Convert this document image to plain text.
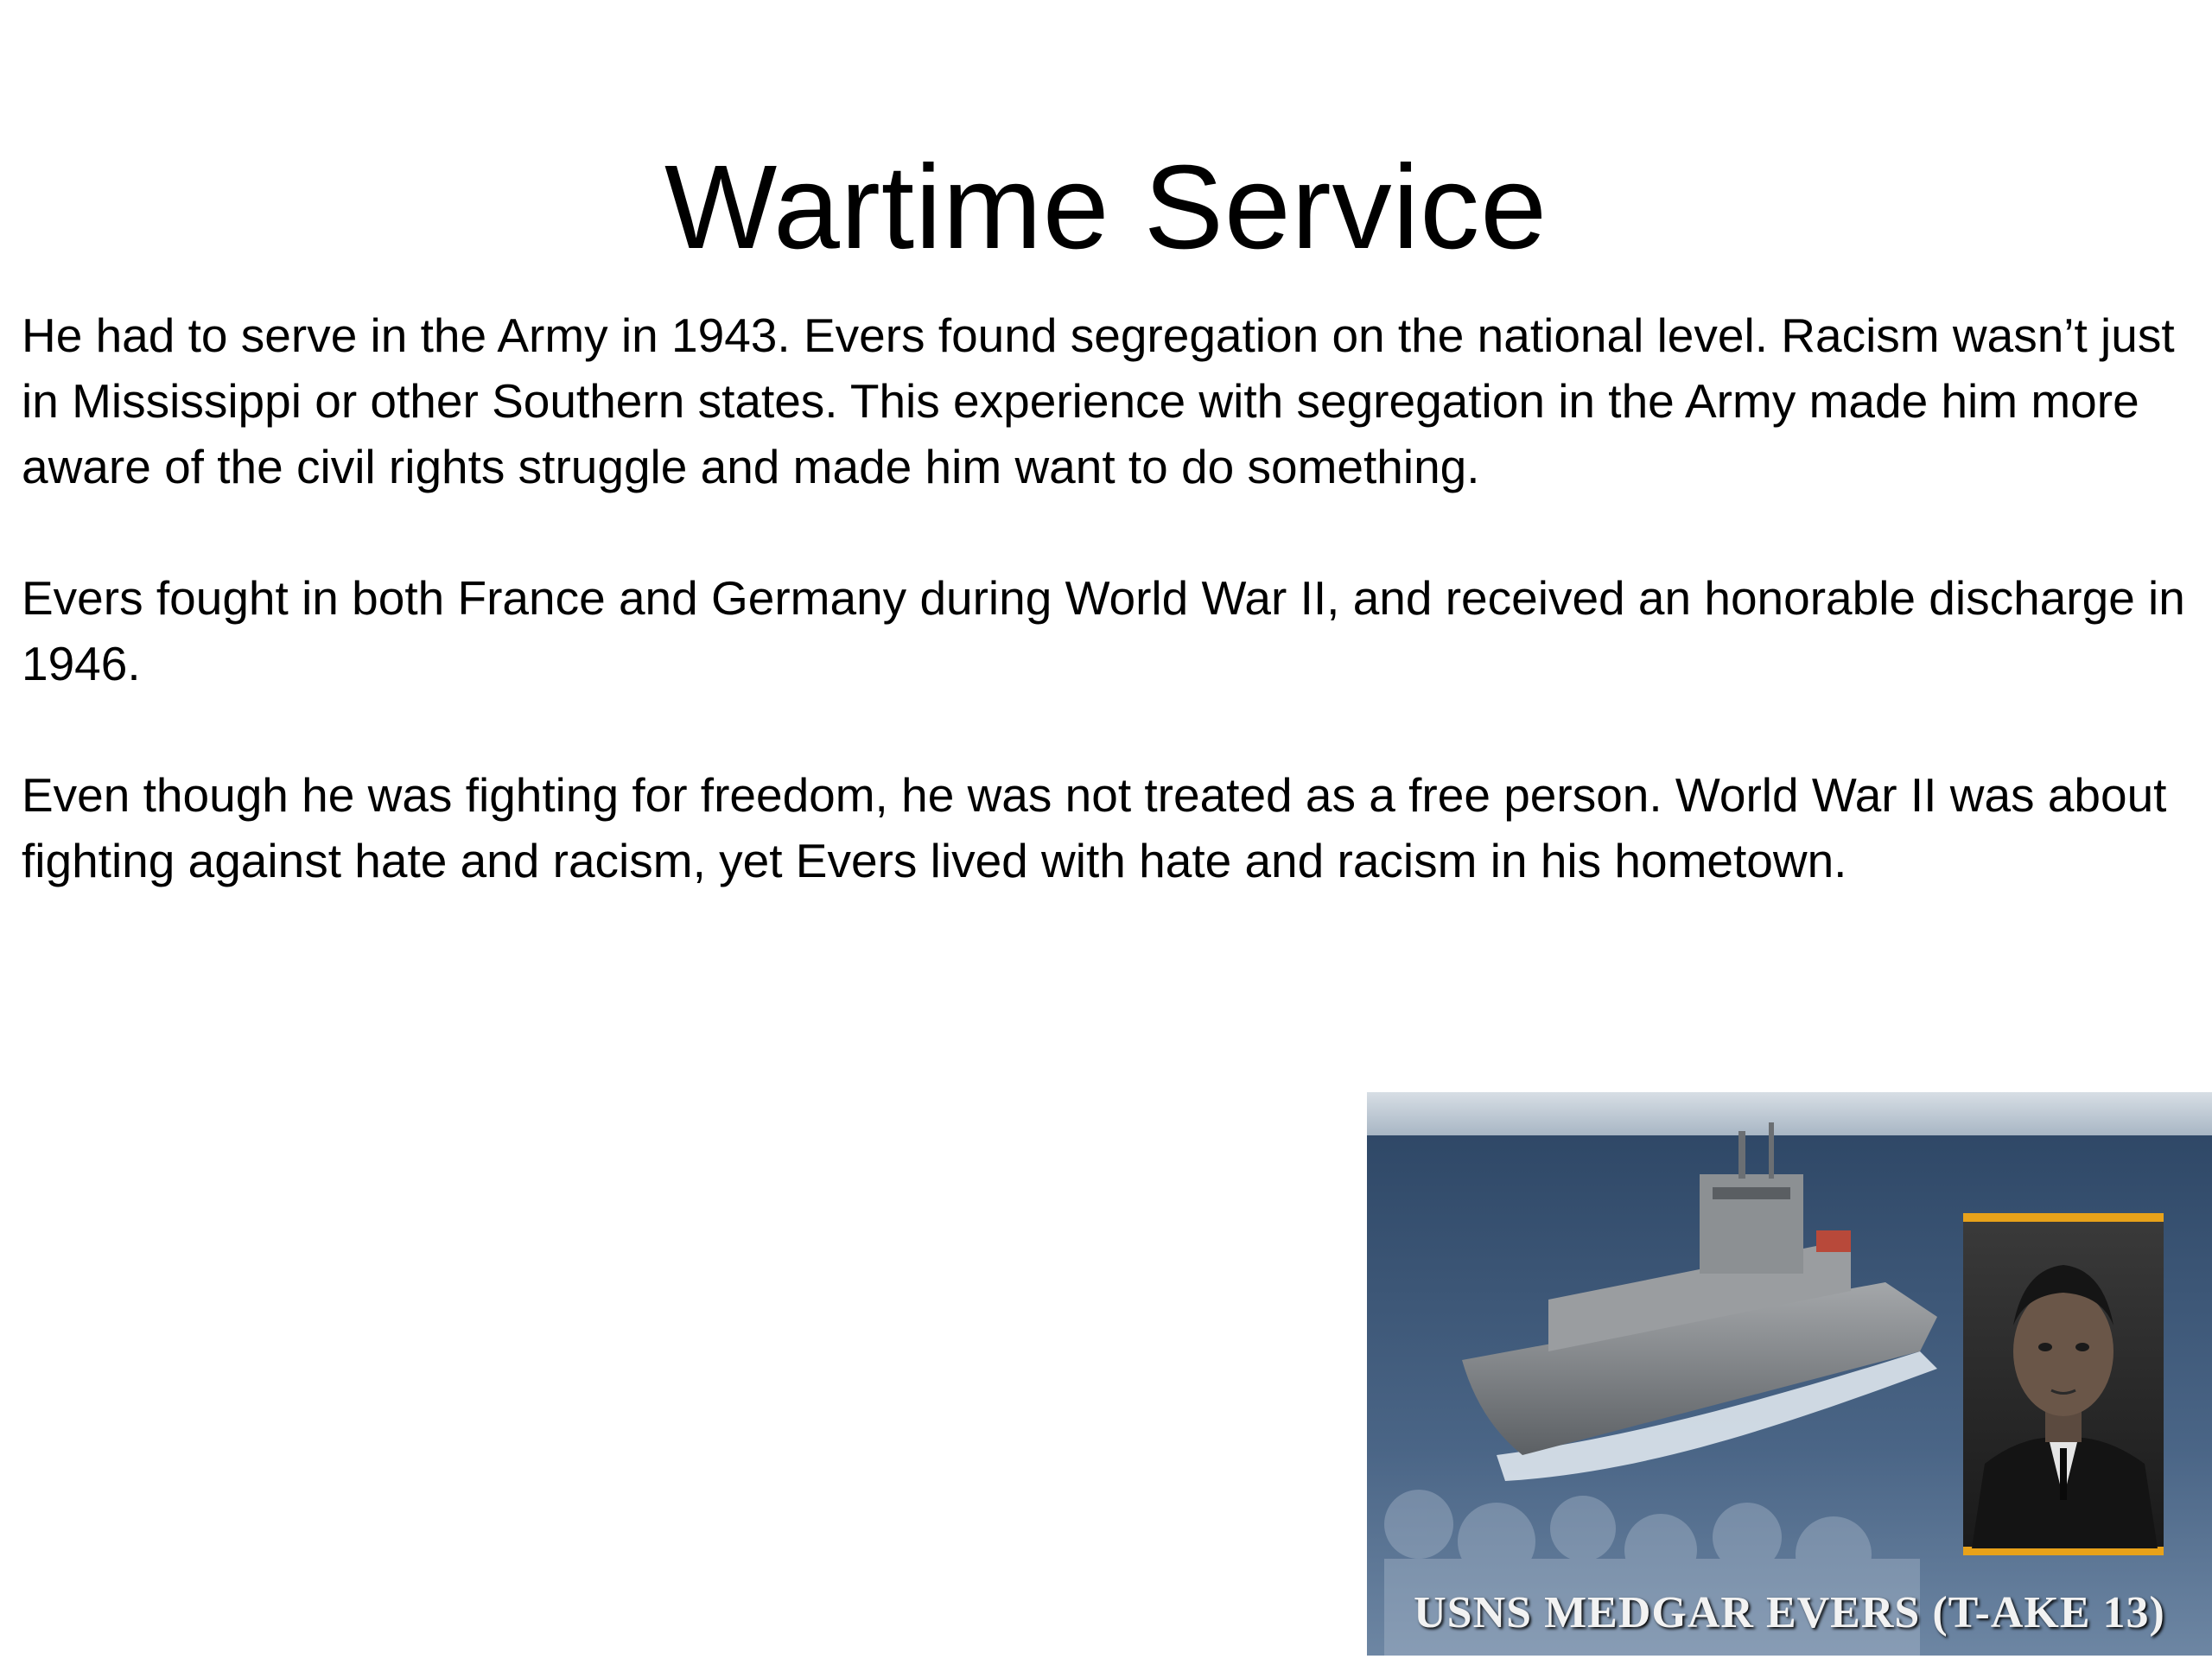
Wartime Service

He had to serve in the Army in 1943. Evers found segregation on the national level. Racism wasn’t just in Mississippi or other Southern states. This experience with segregation in the Army made him more aware of the civil rights struggle and made him want to do something.

Evers fought in both France and Germany during World War II, and received an honorable discharge in 1946.

Even though he was fighting for freedom, he was not treated as a free person. World War II was about fighting against hate and racism, yet Evers lived with hate and racism in his hometown.

USNS MEDGAR EVERS (T-AKE 13)
